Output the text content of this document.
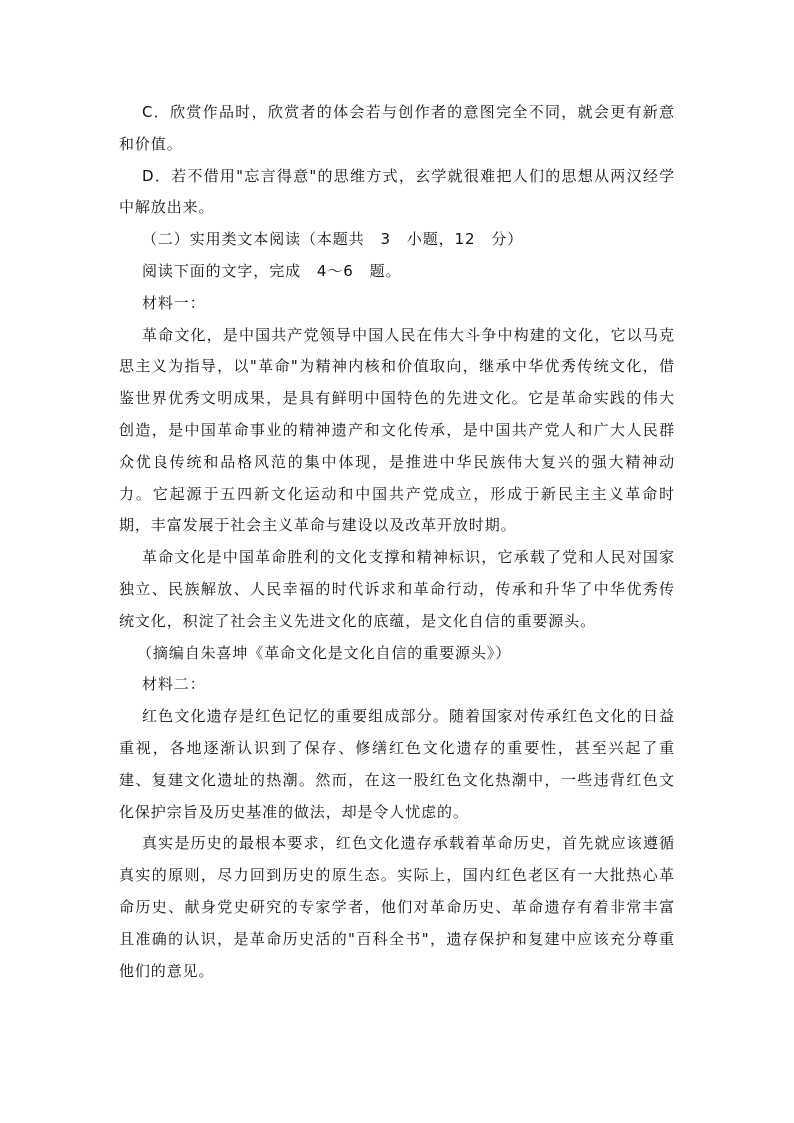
C．欣赏作品时，欣赏者的体会若与创作者的意图完全不同，就会更有新意和价值。

D．若不借用"忘言得意"的思维方式，玄学就很难把人们的思想从两汉经学中解放出来。

（二）实用类文本阅读（本题共　3　小题，12　分）

阅读下面的文字，完成　4～6　题。

材料一：

革命文化，是中国共产党领导中国人民在伟大斗争中构建的文化，它以马克思主义为指导，以"革命"为精神内核和价值取向，继承中华优秀传统文化，借鉴世界优秀文明成果，是具有鲜明中国特色的先进文化。它是革命实践的伟大创造，是中国革命事业的精神遗产和文化传承，是中国共产党人和广大人民群众优良传统和品格风范的集中体现，是推进中华民族伟大复兴的强大精神动力。它起源于五四新文化运动和中国共产党成立，形成于新民主主义革命时期，丰富发展于社会主义革命与建设以及改革开放时期。

革命文化是中国革命胜利的文化支撑和精神标识，它承载了党和人民对国家独立、民族解放、人民幸福的时代诉求和革命行动，传承和升华了中华优秀传统文化，积淀了社会主义先进文化的底蕴，是文化自信的重要源头。

（摘编自朱喜坤《革命文化是文化自信的重要源头》）

材料二：

红色文化遗存是红色记忆的重要组成部分。随着国家对传承红色文化的日益重视，各地逐渐认识到了保存、修缮红色文化遗存的重要性，甚至兴起了重建、复建文化遗址的热潮。然而，在这一股红色文化热潮中，一些违背红色文化保护宗旨及历史基准的做法，却是令人忧虑的。

真实是历史的最根本要求，红色文化遗存承载着革命历史，首先就应该遵循真实的原则，尽力回到历史的原生态。实际上，国内红色老区有一大批热心革命历史、献身党史研究的专家学者，他们对革命历史、革命遗存有着非常丰富且准确的认识，是革命历史活的"百科全书"，遗存保护和复建中应该充分尊重他们的意见。
